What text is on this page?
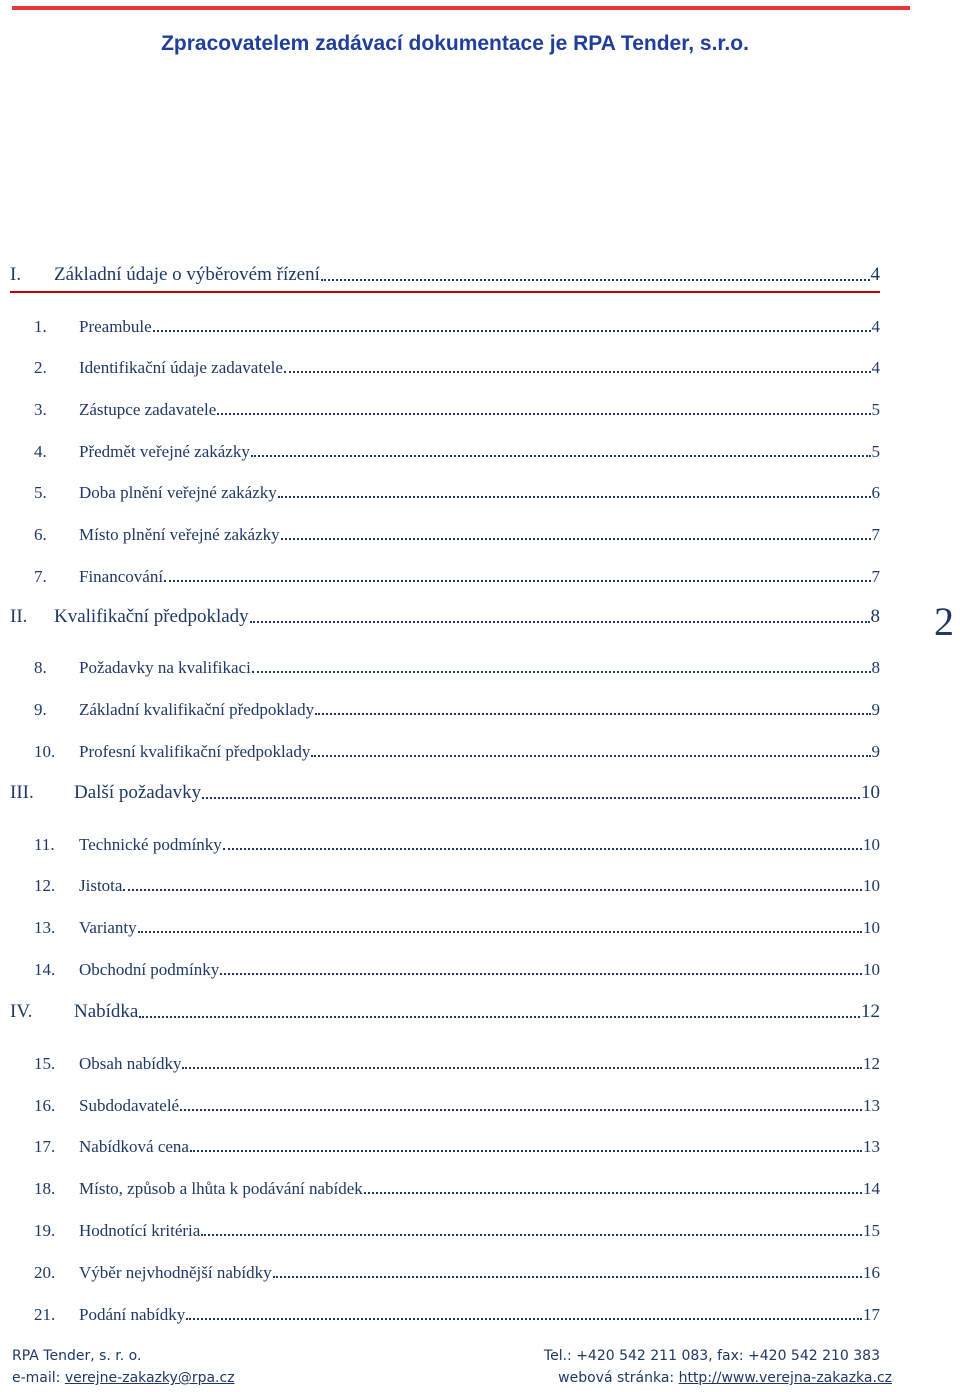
Zpracovatelem zadávací dokumentace je RPA Tender, s.r.o.
I.	Základní údaje o výběrovém řízení	4
1.	Preambule	4
2.	Identifikační údaje zadavatele	4
3.	Zástupce zadavatele	5
4.	Předmět veřejné zakázky	5
5.	Doba plnění veřejné zakázky	6
6.	Místo plnění veřejné zakázky	7
7.	Financování	7
II.	Kvalifikační předpoklady	8
8.	Požadavky na kvalifikaci	8
9.	Základní kvalifikační předpoklady	9
10.	Profesní kvalifikační předpoklady	9
III.	Další požadavky	10
11.	Technické podmínky	10
12.	Jistota	10
13.	Varianty	10
14.	Obchodní podmínky	10
IV.	Nabídka	12
15.	Obsah nabídky	12
16.	Subdodavatelé	13
17.	Nabídková cena	13
18.	Místo, způsob a lhůta k podávání nabídek	14
19.	Hodnotící kritéria	15
20.	Výběr nejvhodnější nabídky	16
21.	Podání nabídky	17
2
RPA Tender, s. r. o.	Tel.: +420 542 211 083, fax: +420 542 210 383
e-mail: verejne-zakazky@rpa.cz	webová stránka: http://www.verejna-zakazka.cz
